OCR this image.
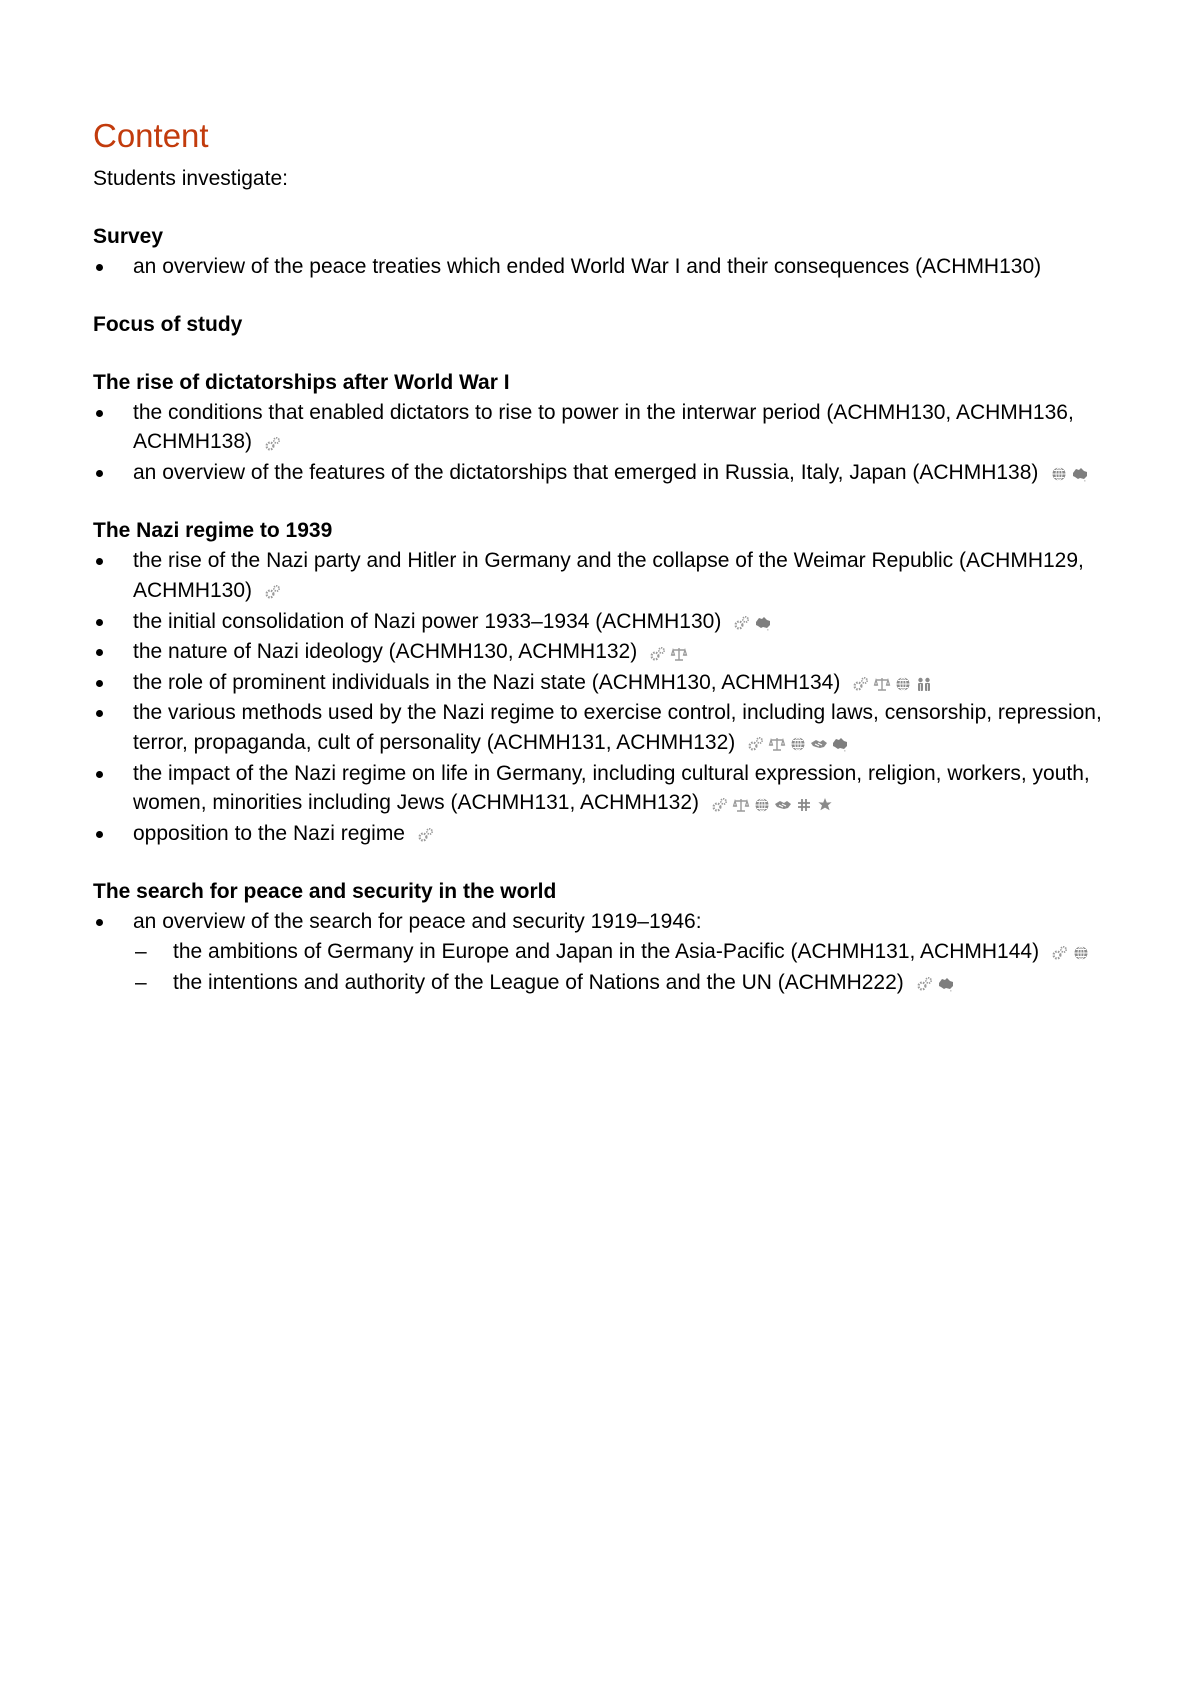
Content
Students investigate:
Survey
an overview of the peace treaties which ended World War I and their consequences (ACHMH130)
Focus of study
The rise of dictatorships after World War I
the conditions that enabled dictators to rise to power in the interwar period (ACHMH130, ACHMH136, ACHMH138)
an overview of the features of the dictatorships that emerged in Russia, Italy, Japan (ACHMH138)
The Nazi regime to 1939
the rise of the Nazi party and Hitler in Germany and the collapse of the Weimar Republic (ACHMH129, ACHMH130)
the initial consolidation of Nazi power 1933–1934 (ACHMH130)
the nature of Nazi ideology (ACHMH130, ACHMH132)
the role of prominent individuals in the Nazi state (ACHMH130, ACHMH134)
the various methods used by the Nazi regime to exercise control, including laws, censorship, repression, terror, propaganda, cult of personality (ACHMH131, ACHMH132)
the impact of the Nazi regime on life in Germany, including cultural expression, religion, workers, youth, women, minorities including Jews (ACHMH131, ACHMH132)
opposition to the Nazi regime
The search for peace and security in the world
an overview of the search for peace and security 1919–1946:
– the ambitions of Germany in Europe and Japan in the Asia-Pacific (ACHMH131, ACHMH144)
– the intentions and authority of the League of Nations and the UN (ACHMH222)
